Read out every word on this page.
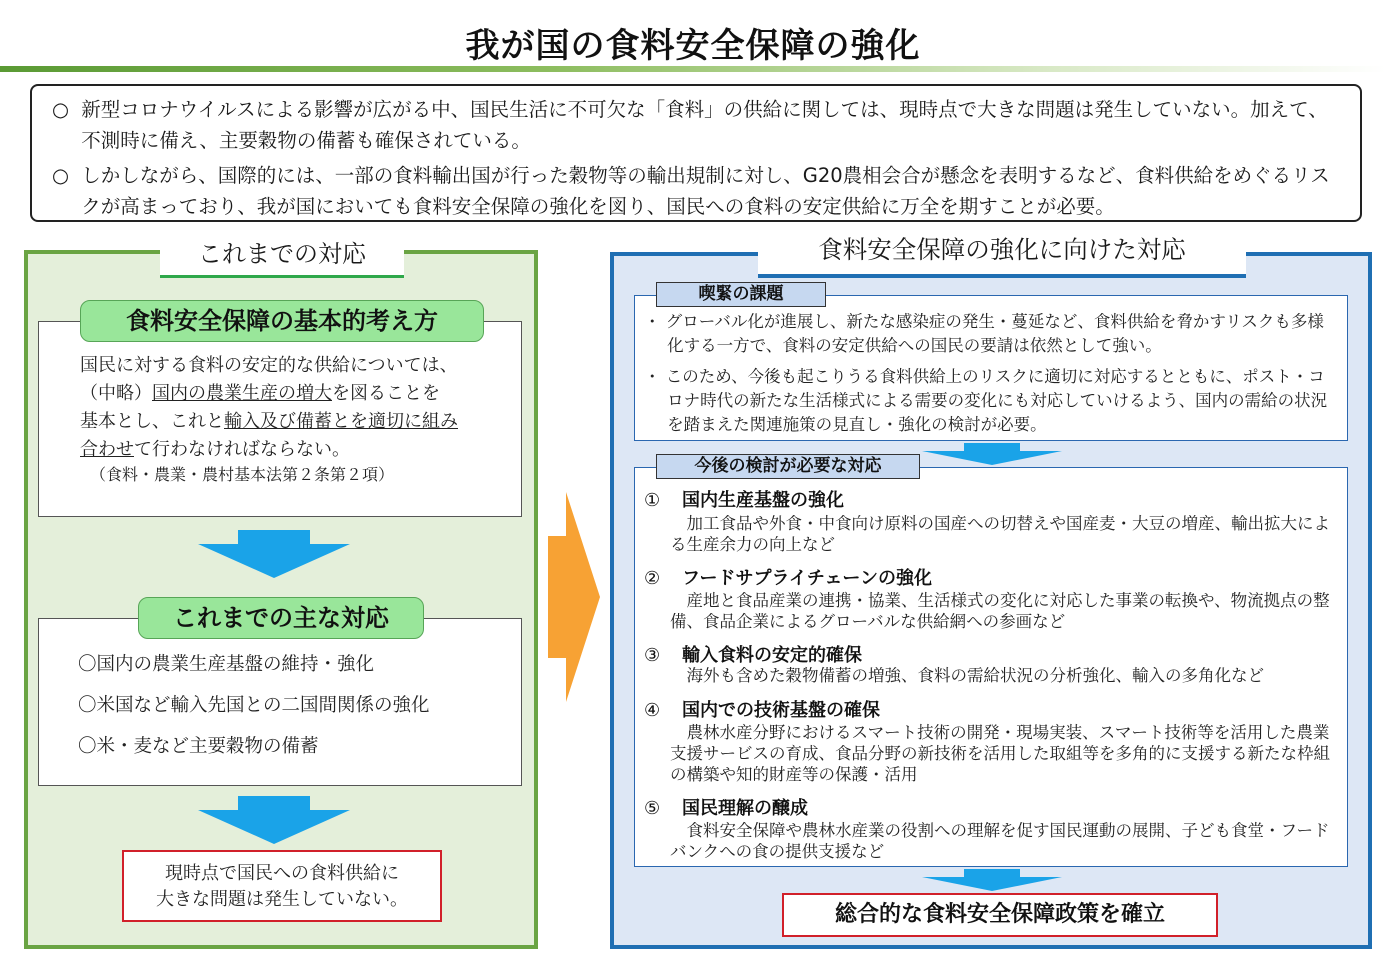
我が国の食料安全保障の強化

○ 新型コロナウイルスによる影響が広がる中、国民生活に不可欠な「食料」の供給に関しては、現時点で大きな問題は発生していない。加えて、不測時に備え、主要穀物の備蓄も確保されている。

○ しかしながら、国際的には、一部の食料輸出国が行った穀物等の輸出規制に対し、G20農相会合が懸念を表明するなど、食料供給をめぐるリスクが高まっており、我が国においても食料安全保障の強化を図り、国民への食料の安定供給に万全を期すことが必要。

これまでの対応
食料安全保障の基本的考え方
国民に対する食料の安定的な供給については、
（中略）国内の農業生産の増大を図ることを
基本とし、これと輸入及び備蓄とを適切に組み
合わせて行わなければならない。
（食料・農業・農村基本法第２条第２項）
これまでの主な対応
〇国内の農業生産基盤の維持・強化
〇米国など輸入先国との二国間関係の強化
〇米・麦など主要穀物の備蓄
現時点で国民への食料供給に
大きな問題は発生していない。
食料安全保障の強化に向けた対応
喫緊の課題
・ グローバル化が進展し、新たな感染症の発生・蔓延など、食料供給を脅かすリスクも多様化する一方で、食料の安定供給への国民の要請は依然として強い。
・ このため、今後も起こりうる食料供給上のリスクに適切に対応するとともに、ポスト・コロナ時代の新たな生活様式による需要の変化にも対応していけるよう、国内の需給の状況を踏まえた関連施策の見直し・強化の検討が必要。
今後の検討が必要な対応
① 国内生産基盤の強化
加工食品や外食・中食向け原料の国産への切替えや国産麦・大豆の増産、輸出拡大による生産余力の向上など
② フードサプライチェーンの強化
産地と食品産業の連携・協業、生活様式の変化に対応した事業の転換や、物流拠点の整備、食品企業によるグローバルな供給網への参画など
③ 輸入食料の安定的確保
海外も含めた穀物備蓄の増強、食料の需給状況の分析強化、輸入の多角化など
④ 国内での技術基盤の確保
農林水産分野におけるスマート技術の開発・現場実装、スマート技術等を活用した農業支援サービスの育成、食品分野の新技術を活用した取組等を多角的に支援する新たな枠組の構築や知的財産等の保護・活用
⑤ 国民理解の醸成
食料安全保障や農林水産業の役割への理解を促す国民運動の展開、子ども食堂・フードバンクへの食の提供支援など
総合的な食料安全保障政策を確立
